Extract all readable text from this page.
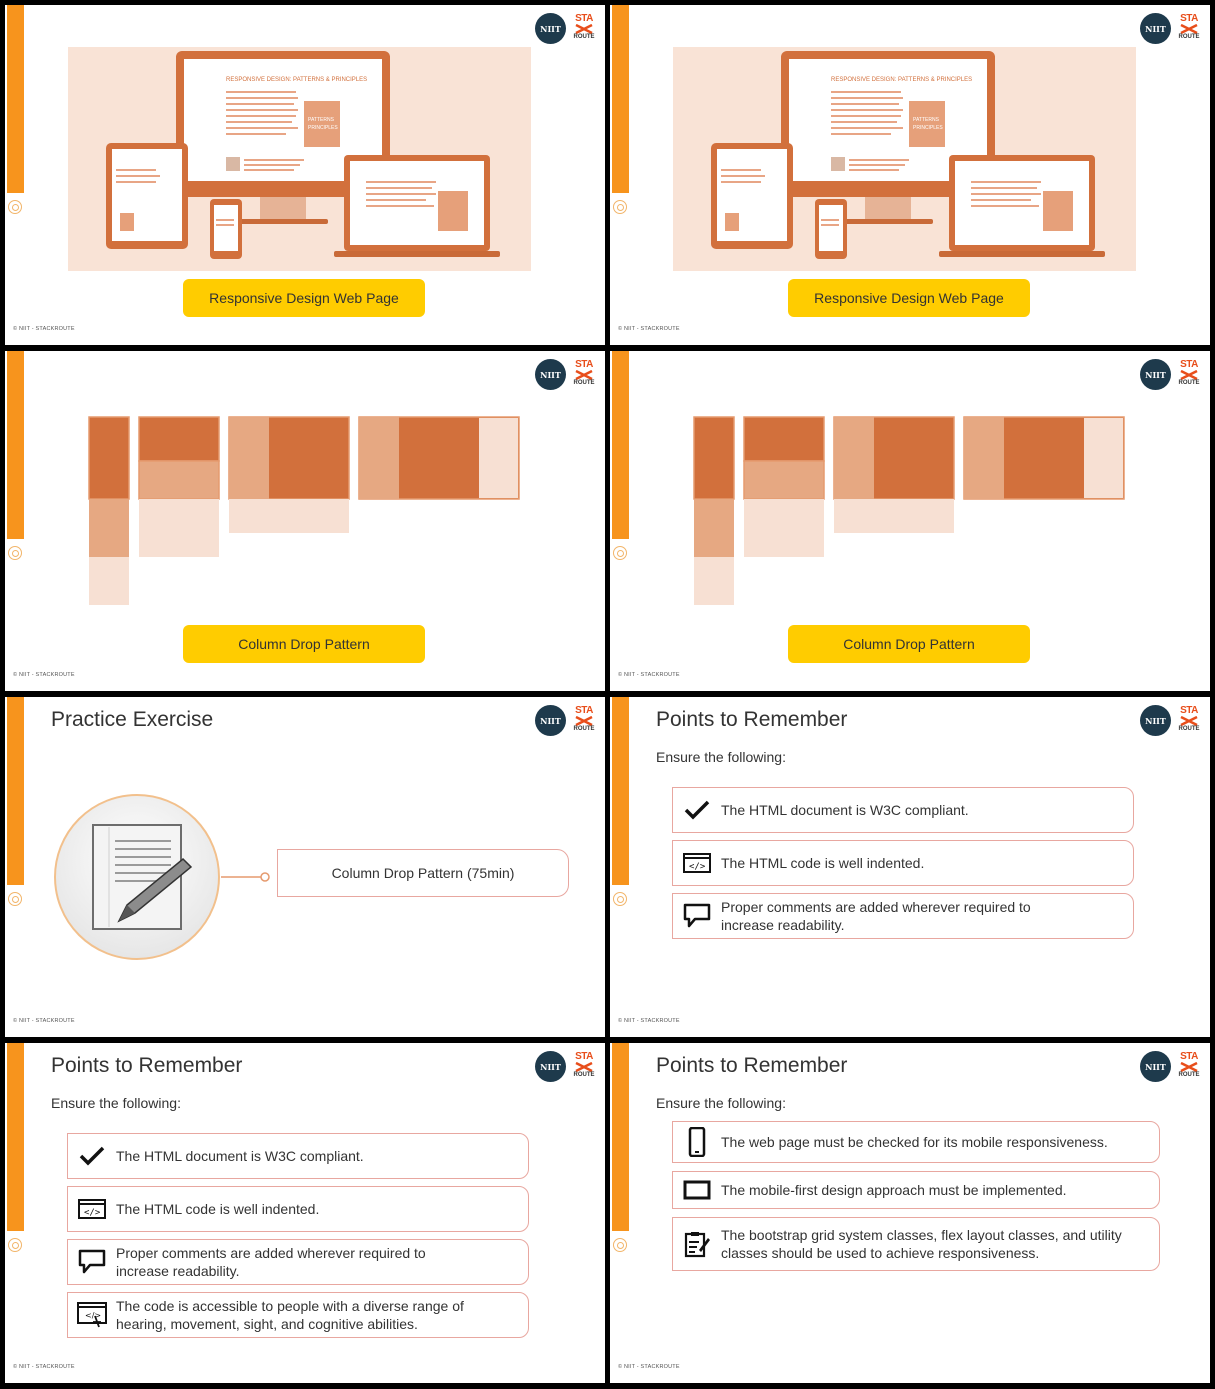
NIIT
STA
ROUTE
RESPONSIVE DESIGN: PATTERNS & PRINCIPLES
PATTERNS
PRINCIPLES
Responsive Design Web Page
© NIIT - STACKROUTE
NIIT
STA
ROUTE
RESPONSIVE DESIGN: PATTERNS & PRINCIPLES
PATTERNS
PRINCIPLES
Responsive Design Web Page
© NIIT - STACKROUTE
NIIT
STA
ROUTE
Column Drop Pattern
© NIIT - STACKROUTE
NIIT
STA
ROUTE
Column Drop Pattern
© NIIT - STACKROUTE
NIIT
STA
ROUTE
Practice Exercise
Column Drop Pattern (75min)
© NIIT - STACKROUTE
NIIT
STA
ROUTE
Points to Remember
Ensure the following:
The HTML document is W3C compliant.
</> The HTML code is well indented.
Proper comments are added wherever required to increase readability.
© NIIT - STACKROUTE
NIIT
STA
ROUTE
Points to Remember
Ensure the following:
The HTML document is W3C compliant.
</> The HTML code is well indented.
Proper comments are added wherever required to increase readability.
</>
The code is accessible to people with a diverse range of hearing, movement, sight, and cognitive abilities.
© NIIT - STACKROUTE
NIIT
STA
ROUTE
Points to Remember
Ensure the following:
The web page must be checked for its mobile responsiveness.
The mobile-first design approach must be implemented.
The bootstrap grid system classes, flex layout classes, and utility classes should be used to achieve responsiveness.
© NIIT - STACKROUTE
